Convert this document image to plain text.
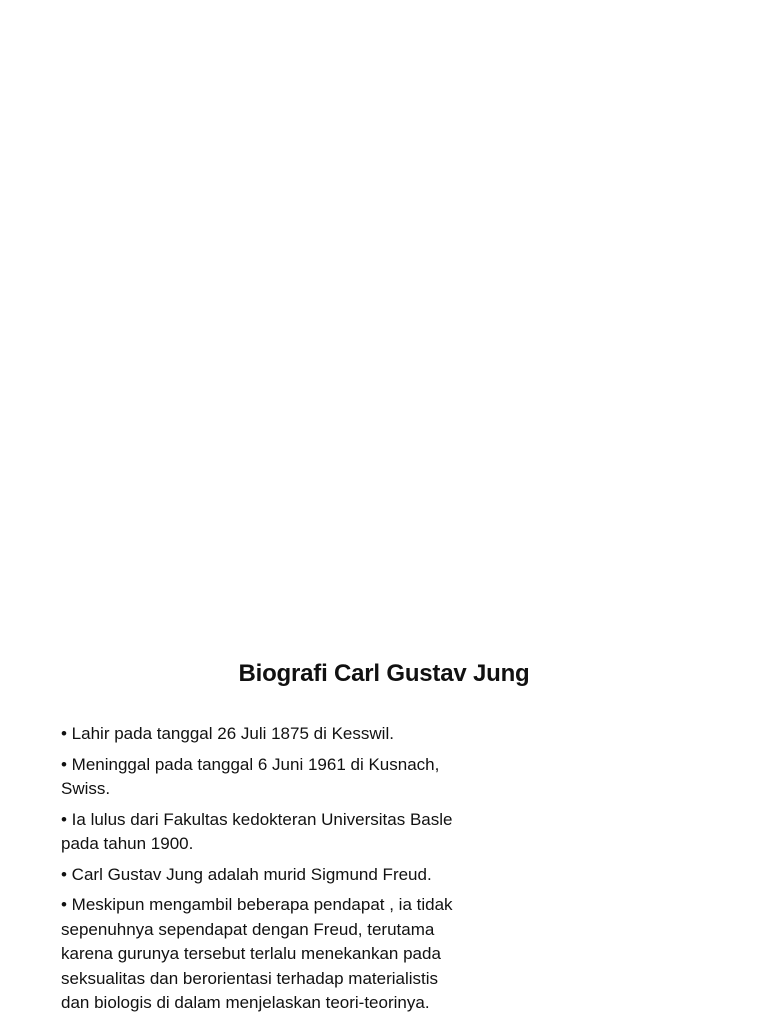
Biografi Carl Gustav Jung
• Lahir pada tanggal 26 Juli 1875 di Kesswil.
• Meninggal pada tanggal 6 Juni 1961 di Kusnach, Swiss.
• Ia lulus dari Fakultas kedokteran Universitas Basle pada tahun 1900.
• Carl Gustav Jung adalah murid Sigmund Freud.
• Meskipun mengambil beberapa pendapat , ia tidak sepenuhnya sependapat dengan Freud, terutama karena gurunya tersebut terlalu menekankan pada seksualitas dan berorientasi terhadap materialistis dan biologis di dalam menjelaskan teori-teorinya.
